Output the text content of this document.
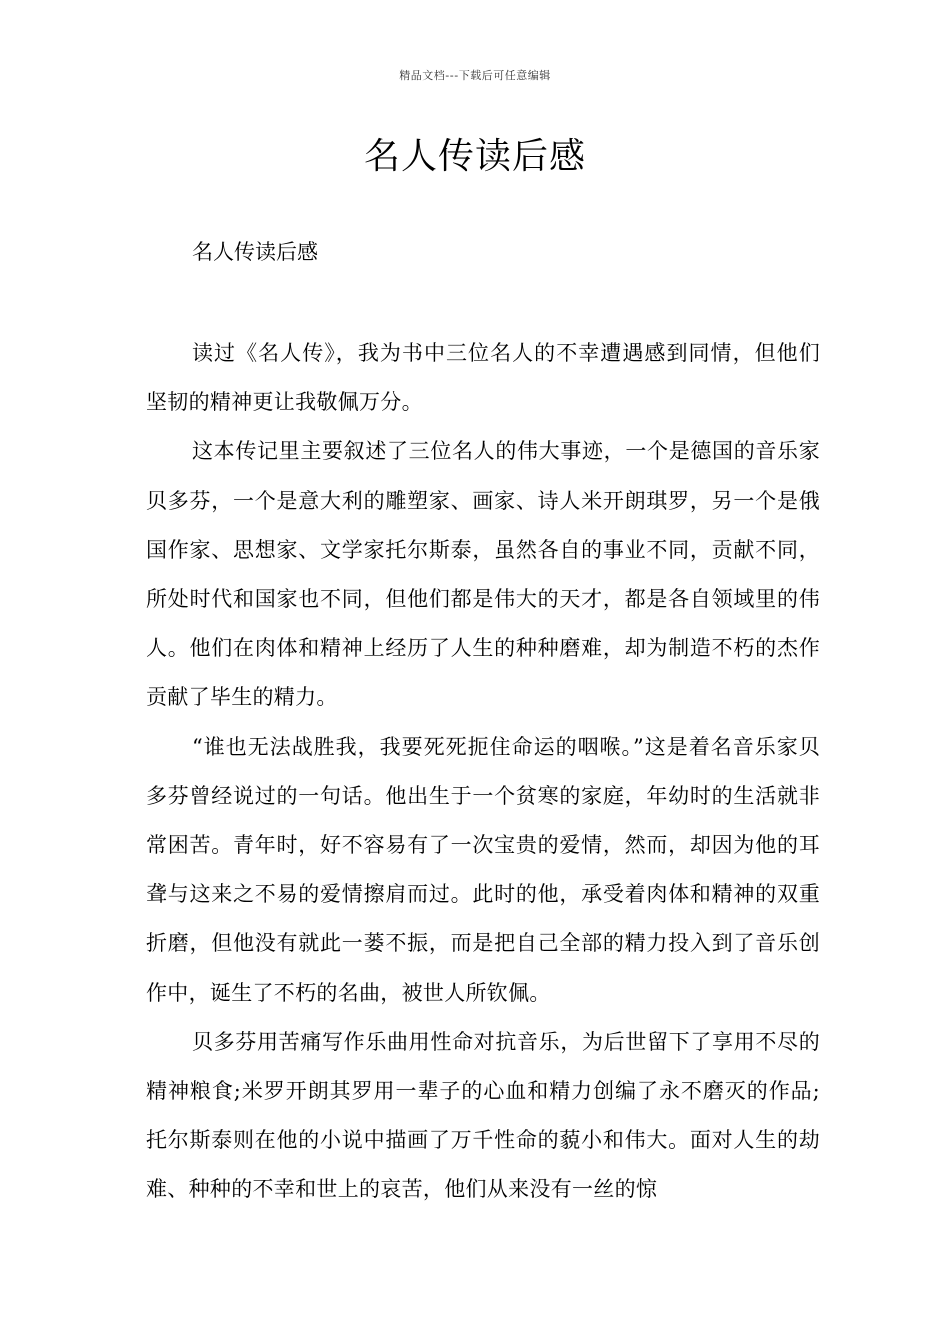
精品文档---下载后可任意编辑
名人传读后感

名人传读后感

读过《名人传》，我为书中三位名人的不幸遭遇感到同情，但他们坚韧的精神更让我敬佩万分。

这本传记里主要叙述了三位名人的伟大事迹，一个是德国的音乐家贝多芬，一个是意大利的雕塑家、画家、诗人米开朗琪罗，另一个是俄国作家、思想家、文学家托尔斯泰，虽然各自的事业不同，贡献不同，所处时代和国家也不同，但他们都是伟大的天才，都是各自领域里的伟人。他们在肉体和精神上经历了人生的种种磨难，却为制造不朽的杰作贡献了毕生的精力。

“谁也无法战胜我，我要死死扼住命运的咽喉。”这是着名音乐家贝多芬曾经说过的一句话。他出生于一个贫寒的家庭，年幼时的生活就非常困苦。青年时，好不容易有了一次宝贵的爱情，然而，却因为他的耳聋与这来之不易的爱情擦肩而过。此时的他，承受着肉体和精神的双重折磨，但他没有就此一蒌不振，而是把自己全部的精力投入到了音乐创作中，诞生了不朽的名曲，被世人所钦佩。

贝多芬用苦痛写作乐曲用性命对抗音乐，为后世留下了享用不尽的精神粮食;米罗开朗其罗用一辈子的心血和精力创编了永不磨灭的作品;托尔斯泰则在他的小说中描画了万千性命的藐小和伟大。面对人生的劫难、种种的不幸和世上的哀苦，他们从来没有一丝的惊
